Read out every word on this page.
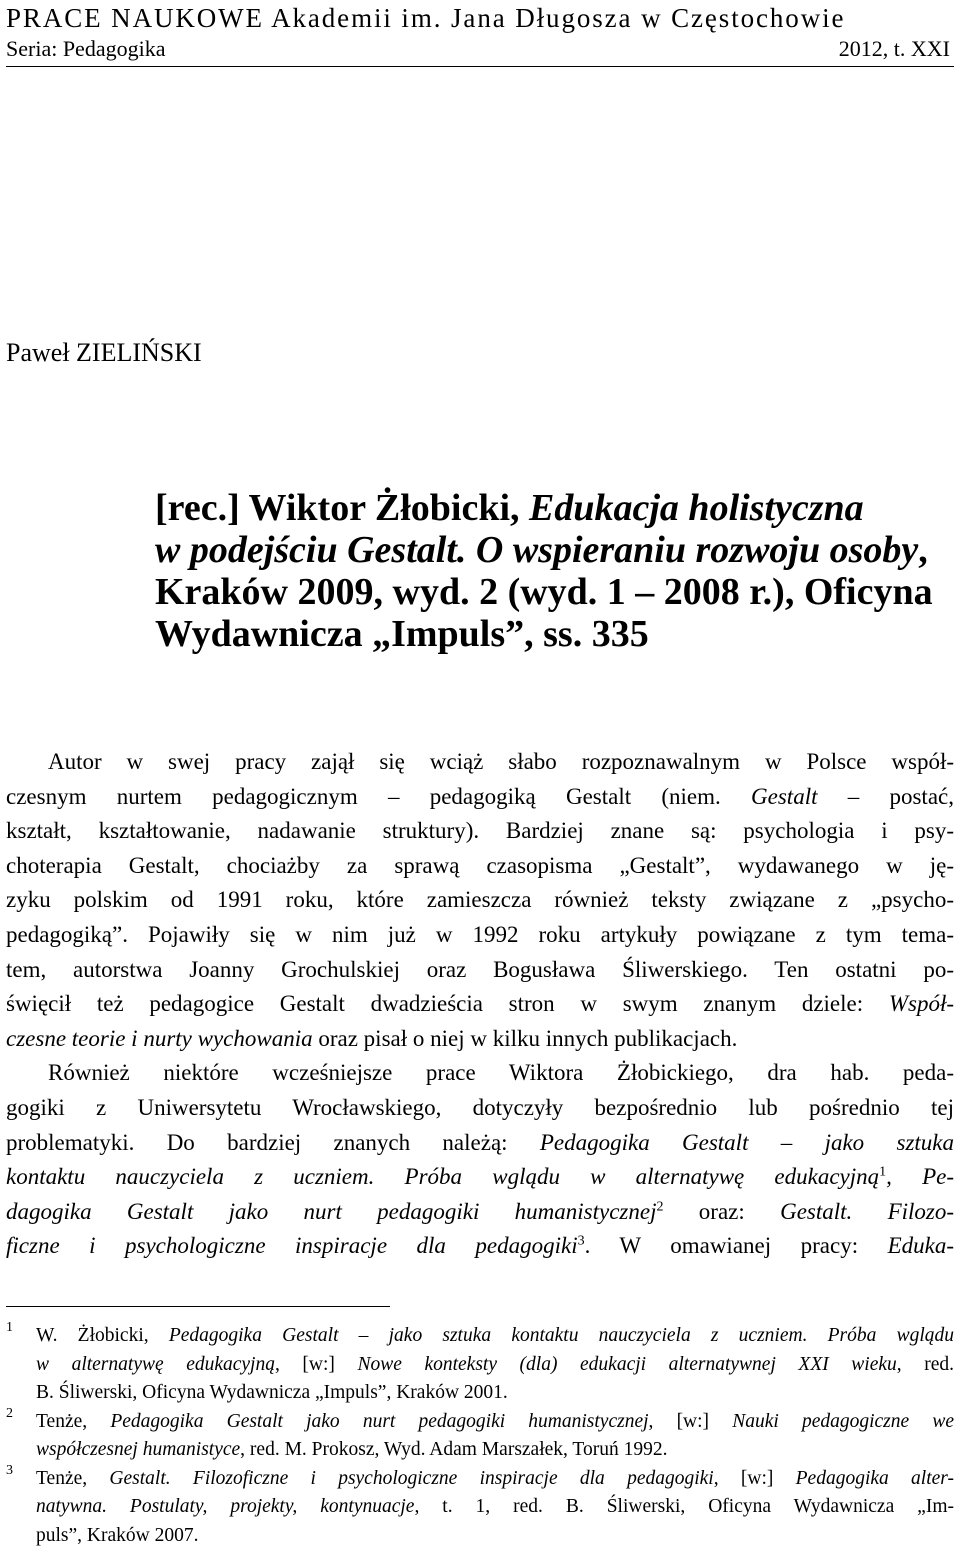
PRACE NAUKOWE Akademii im. Jana Długosza w Częstochowie
Seria: Pedagogika	2012, t. XXI
Paweł ZIELIŃSKI
[rec.] Wiktor Żłobicki, Edukacja holistyczna
w podejściu Gestalt. O wspieraniu rozwoju osoby,
Kraków 2009, wyd. 2 (wyd. 1 – 2008 r.), Oficyna
Wydawnicza „Impuls”, ss. 335
Autor w swej pracy zajął się wciąż słabo rozpoznawalnym w Polsce współ-
czesnym nurtem pedagogicznym – pedagogiką Gestalt (niem. Gestalt – postać,
kształt, kształtowanie, nadawanie struktury). Bardziej znane są: psychologia i psy-
choterapia Gestalt, chociażby za sprawą czasopisma „Gestalt”, wydawanego w ję-
zyku polskim od 1991 roku, które zamieszcza również teksty związane z „psycho-
pedagogiką”. Pojawiły się w nim już w 1992 roku artykuły powiązane z tym tema-
tem, autorstwa Joanny Grochulskiej oraz Bogusława Śliwerskiego. Ten ostatni po-
święcił też pedagogice Gestalt dwadzieścia stron w swym znanym dziele: Współ-
czesne teorie i nurty wychowania oraz pisał o niej w kilku innych publikacjach.
Również niektóre wcześniejsze prace Wiktora Żłobickiego, dra hab. peda-
gogiki z Uniwersytetu Wrocławskiego, dotyczyły bezpośrednio lub pośrednio tej
problematyki. Do bardziej znanych należą: Pedagogika Gestalt – jako sztuka
kontaktu nauczyciela z uczniem. Próba wglądu w alternatywę edukacyjną$^1$, Pe-
dagogika Gestalt jako nurt pedagogiki humanistycznej$^2$ oraz: Gestalt. Filozo-
ficzne i psychologiczne inspiracje dla pedagogiki$^3$. W omawianej pracy: Eduka-
1 W. Żłobicki, Pedagogika Gestalt – jako sztuka kontaktu nauczyciela z uczniem. Próba wglądu
w alternatywę edukacyjną, [w:] Nowe konteksty (dla) edukacji alternatywnej XXI wieku, red.
B. Śliwerski, Oficyna Wydawnicza „Impuls”, Kraków 2001.
2 Tenże, Pedagogika Gestalt jako nurt pedagogiki humanistycznej, [w:] Nauki pedagogiczne we
współczesnej humanistyce, red. M. Prokosz, Wyd. Adam Marszałek, Toruń 1992.
3 Tenże, Gestalt. Filozoficzne i psychologiczne inspiracje dla pedagogiki, [w:] Pedagogika alter-
natywna. Postulaty, projekty, kontynuacje, t. 1, red. B. Śliwerski, Oficyna Wydawnicza „Im-
puls”, Kraków 2007.
